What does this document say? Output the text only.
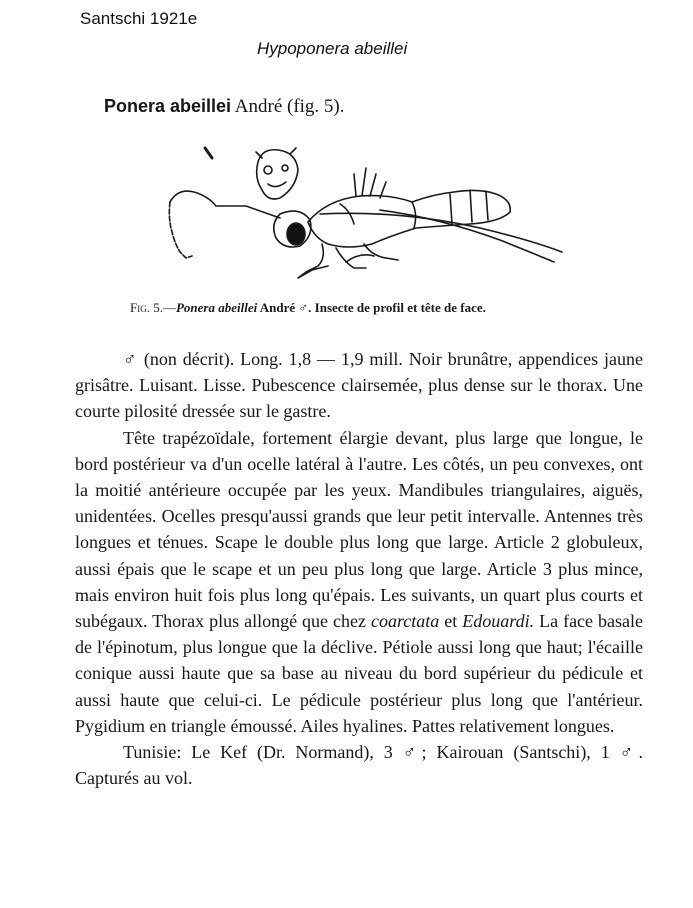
Santschi 1921e
Hypoponera abeillei
Ponera abeillei André (fig. 5).
Fig. 5.—Ponera abeillei André ♂. Insecte de profil et tête de face.

♂ (non décrit). Long. 1,8 — 1,9 mill. Noir brunâtre, appendices jaune grisâtre. Luisant. Lisse. Pubescence clairsemée, plus dense sur le thorax. Une courte pilosité dressée sur le gastre.

Tête trapézoïdale, fortement élargie devant, plus large que longue, le bord postérieur va d'un ocelle latéral à l'autre. Les côtés, un peu convexes, ont la moitié antérieure occupée par les yeux. Mandibules triangulaires, aiguës, unidentées. Ocelles presqu'aussi grands que leur petit intervalle. Antennes très longues et ténues. Scape le double plus long que large. Article 2 globuleux, aussi épais que le scape et un peu plus long que large. Article 3 plus mince, mais environ huit fois plus long qu'épais. Les suivants, un quart plus courts et subégaux. Thorax plus allongé que chez coarctata et Edouardi. La face basale de l'épinotum, plus longue que la déclive. Pétiole aussi long que haut; l'écaille conique aussi haute que sa base au niveau du bord supérieur du pédicule et aussi haute que celui-ci. Le pédicule postérieur plus long que l'antérieur. Pygidium en triangle émoussé. Ailes hyalines. Pattes relativement longues.

Tunisie: Le Kef (Dr. Normand), 3 ♂; Kairouan (Santschi), 1 ♂. Capturés au vol.
